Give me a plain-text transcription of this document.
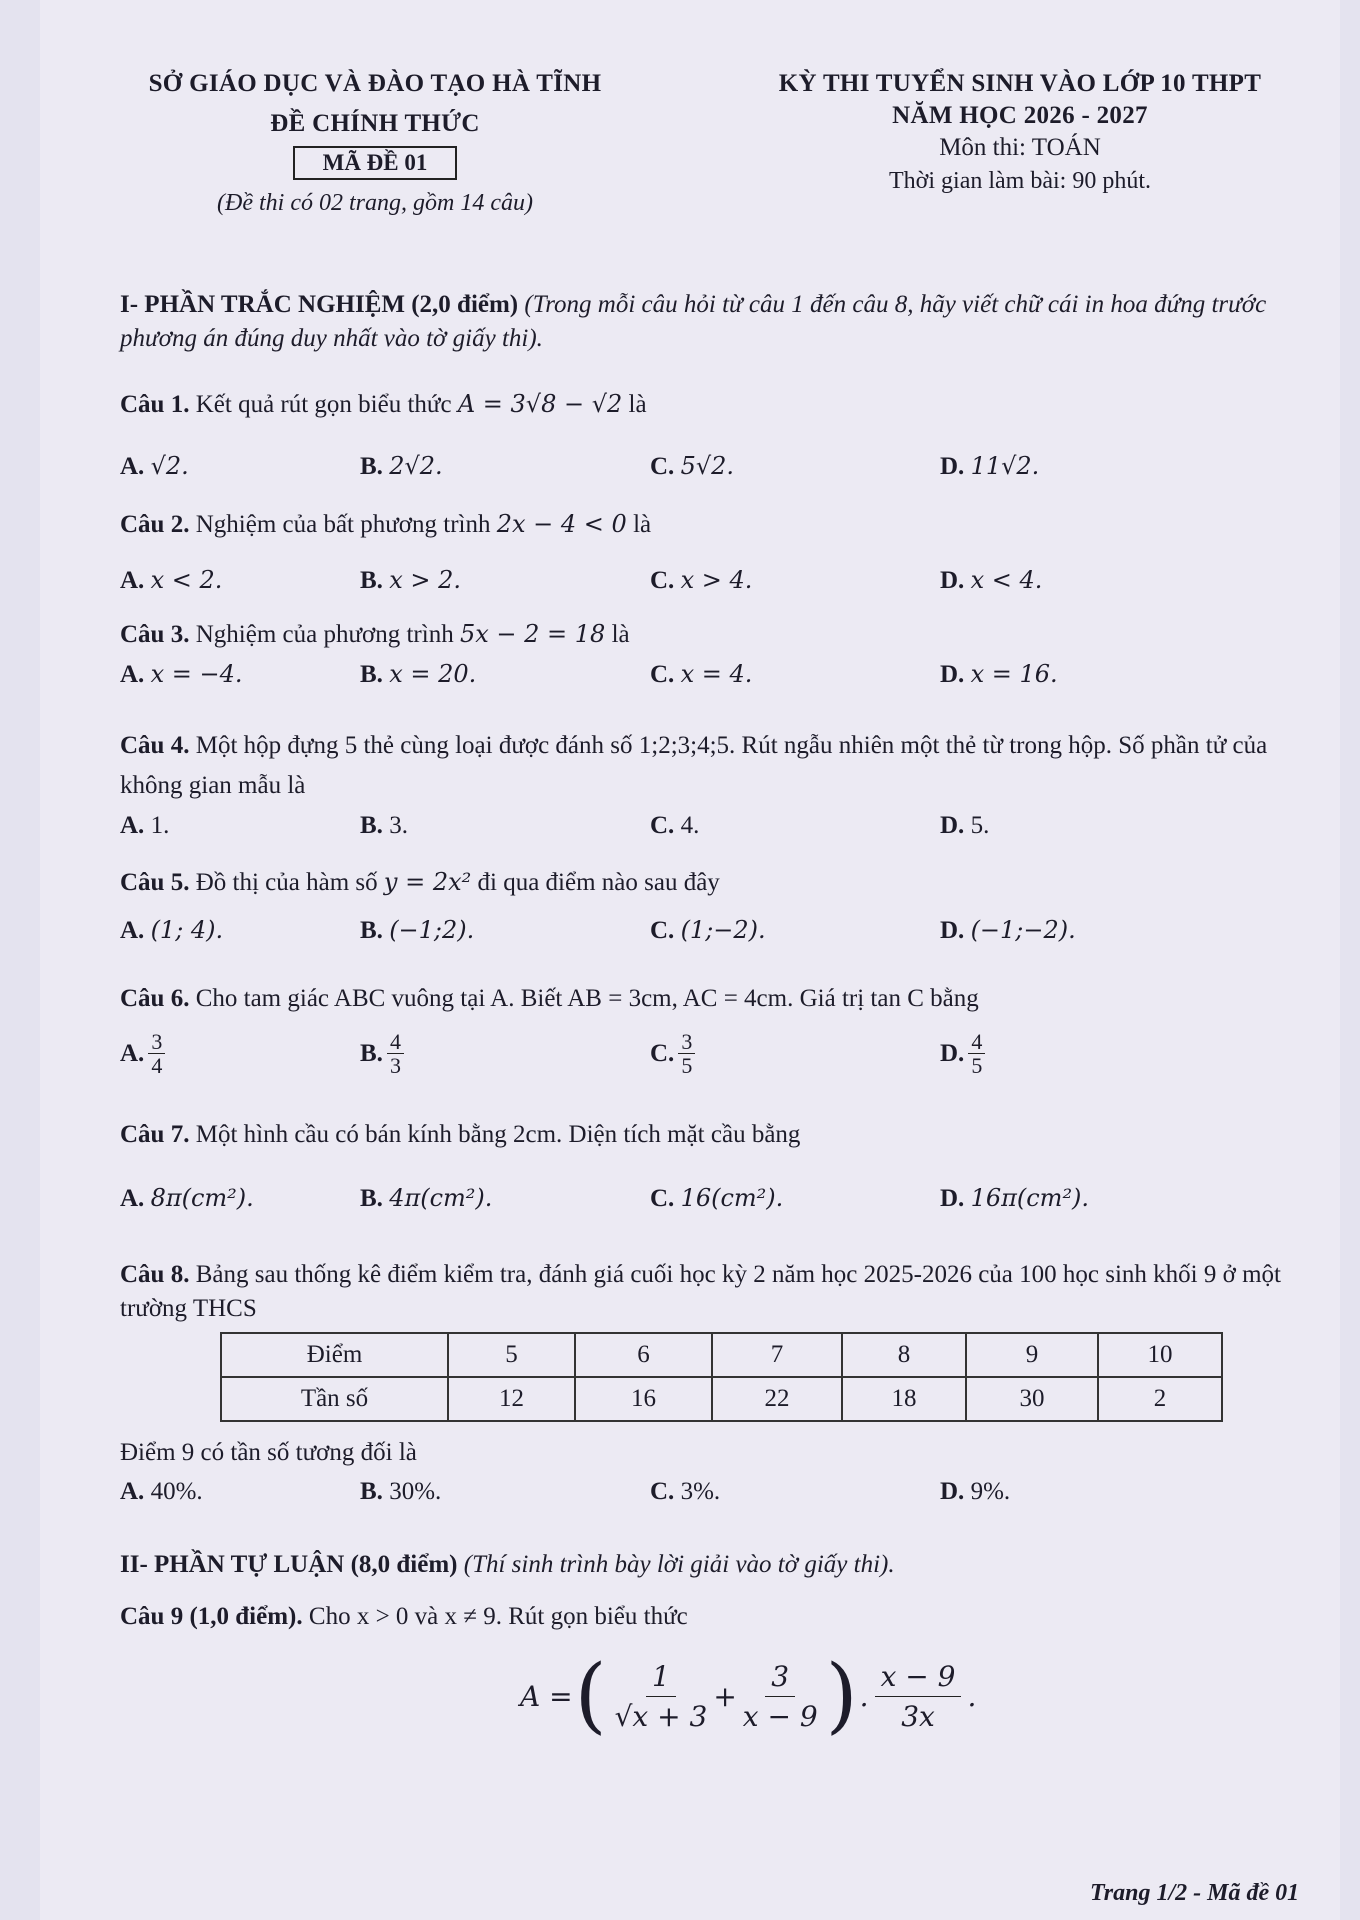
SỞ GIÁO DỤC VÀ ĐÀO TẠO HÀ TĨNH
ĐỀ CHÍNH THỨC
MÃ ĐỀ 01
(Đề thi có 02 trang, gồm 14 câu)
KỲ THI TUYỂN SINH VÀO LỚP 10 THPT
NĂM HỌC 2026 - 2027
Môn thi: TOÁN
Thời gian làm bài: 90 phút.
I- PHẦN TRẮC NGHIỆM (2,0 điểm) (Trong mỗi câu hỏi từ câu 1 đến câu 8, hãy viết chữ cái in hoa đứng trước phương án đúng duy nhất vào tờ giấy thi).
Câu 1. Kết quả rút gọn biểu thức A = 3√8 − √2 là
A. √2.	B. 2√2.	C. 5√2.	D. 11√2.
Câu 2. Nghiệm của bất phương trình 2x − 4 < 0 là
A. x < 2.	B. x > 2.	C. x > 4.	D. x < 4.
Câu 3. Nghiệm của phương trình 5x − 2 = 18 là
A. x = −4.	B. x = 20.	C. x = 4.	D. x = 16.
Câu 4. Một hộp đựng 5 thẻ cùng loại được đánh số 1;2;3;4;5. Rút ngẫu nhiên một thẻ từ trong hộp. Số phần tử của không gian mẫu là
A. 1.	B. 3.	C. 4.	D. 5.
Câu 5. Đồ thị của hàm số y = 2x² đi qua điểm nào sau đây
A. (1; 4).	B. (−1;2).	C. (1;−2).	D. (−1;−2).
Câu 6. Cho tam giác ABC vuông tại A. Biết AB = 3cm, AC = 4cm. Giá trị tan C bằng
A. $\frac{3}{4}$	B. $\frac{4}{3}$	C. $\frac{3}{5}$	D. $\frac{4}{5}$
Câu 7. Một hình cầu có bán kính bằng 2cm. Diện tích mặt cầu bằng
A. 8π(cm²).	B. 4π(cm²).	C. 16(cm²).	D. 16π(cm²).
Câu 8. Bảng sau thống kê điểm kiểm tra, đánh giá cuối học kỳ 2 năm học 2025-2026 của 100 học sinh khối 9 ở một trường THCS
Điểm	5	6	7	8	9	10
Tần số	12	16	22	18	30	2
Điểm 9 có tần số tương đối là
A. 40%.	B. 30%.	C. 3%.	D. 9%.
II- PHẦN TỰ LUẬN (8,0 điểm) (Thí sinh trình bày lời giải vào tờ giấy thi).
Câu 9 (1,0 điểm). Cho x > 0 và x ≠ 9. Rút gọn biểu thức
A = ( $\frac{1}{√x + 3} + \frac{3}{x - 9}$ ) . $\frac{x - 9}{3x}$ .
Trang 1/2 - Mã đề 01
